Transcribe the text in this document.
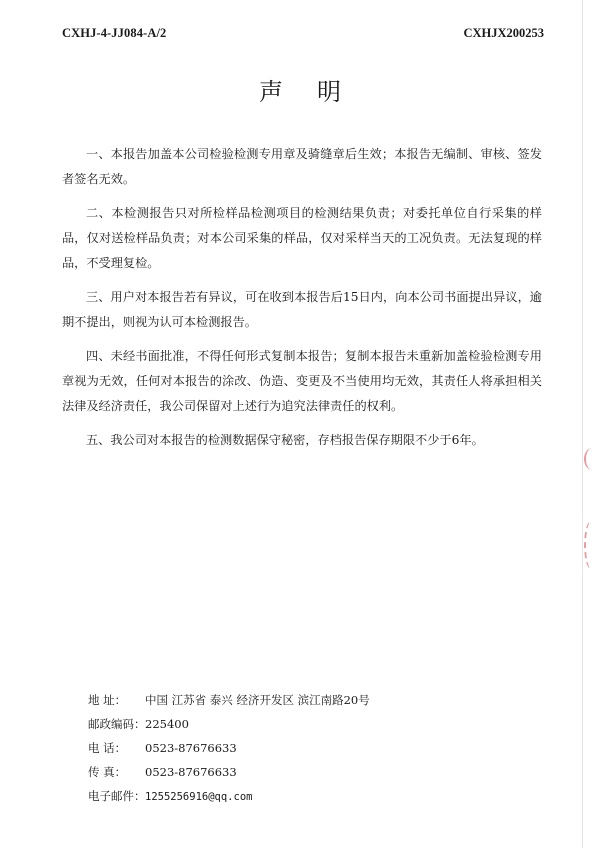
CXHJ-4-JJ084-A/2	CXHJX200253
声明

一、本报告加盖本公司检验检测专用章及骑缝章后生效；本报告无编制、审核、签发者签名无效。

二、本检测报告只对所检样品检测项目的检测结果负责；对委托单位自行采集的样品，仅对送检样品负责；对本公司采集的样品，仅对采样当天的工况负责。无法复现的样品，不受理复检。

三、用户对本报告若有异议，可在收到本报告后15日内，向本公司书面提出异议，逾期不提出，则视为认可本检测报告。

四、未经书面批准，不得任何形式复制本报告；复制本报告未重新加盖检验检测专用章视为无效，任何对本报告的涂改、伪造、变更及不当使用均无效，其责任人将承担相关法律及经济责任，我公司保留对上述行为追究法律责任的权利。

五、我公司对本报告的检测数据保守秘密，存档报告保存期限不少于6年。

地 址： 中国 江苏省 泰兴 经济开发区 滨江南路20号
邮政编码：225400
电 话： 0523-87676633
传 真： 0523-87676633
电子邮件：1255256916@qq.com
